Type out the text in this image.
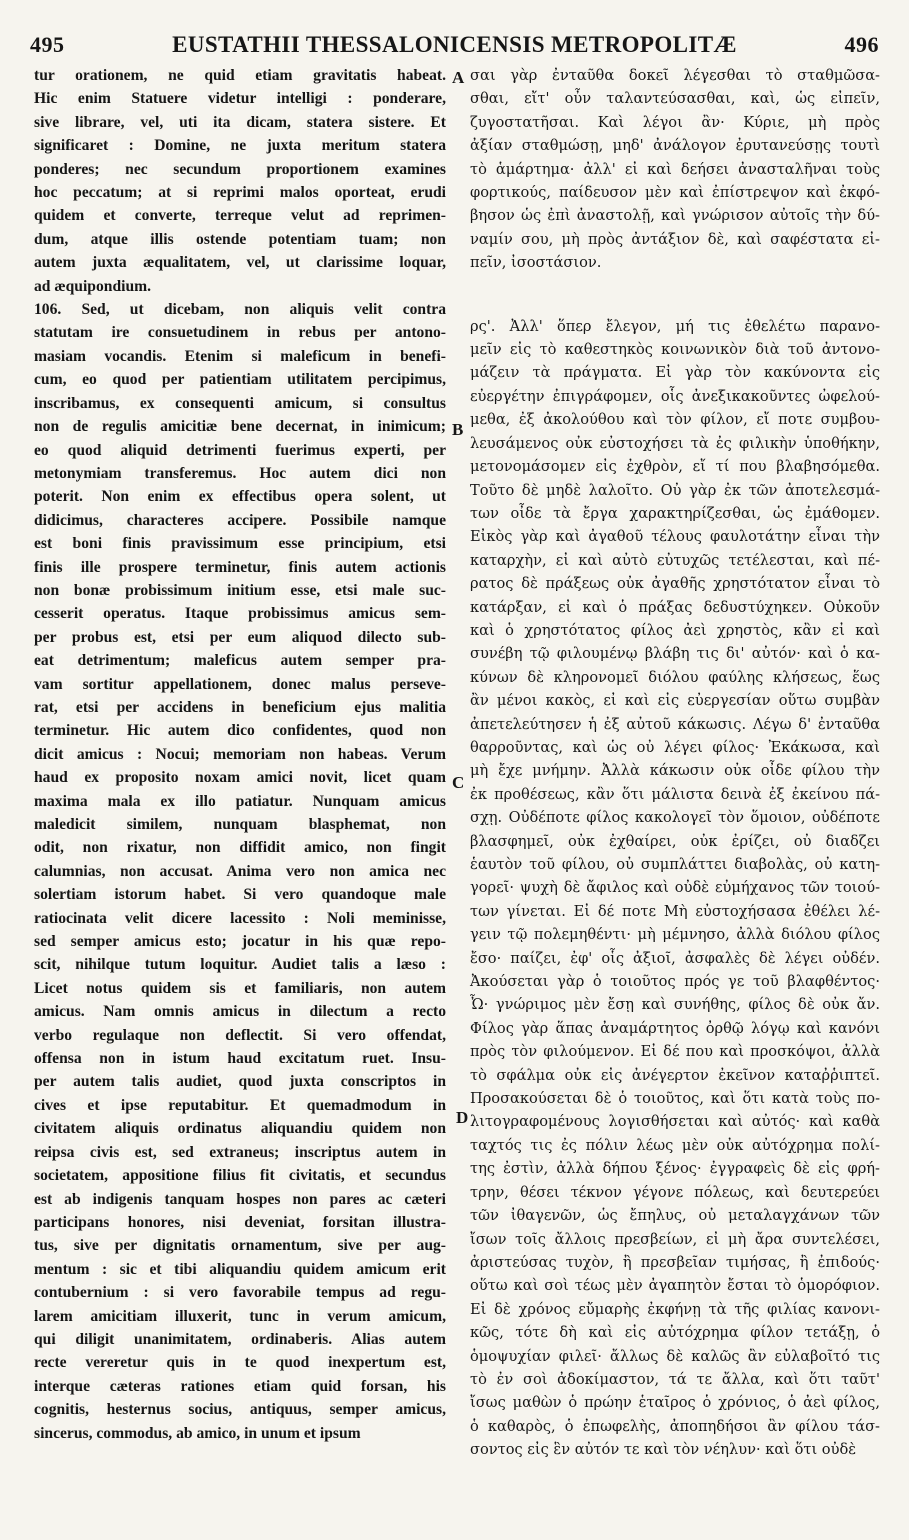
495	EUSTATHII THESSALONICENSIS METROPOLITÆ	496
tur orationem, ne quid etiam gravitatis habeat.
Hic enim Statuere videtur intelligi : ponderare,
sive librare, vel, uti ita dicam, statera sistere. Et
significaret : Domine, ne juxta meritum statera
ponderes; nec secundum proportionem examines
hoc peccatum; at si reprimi malos oporteat, erudi
quidem et converte, terreque velut ad reprimen-
dum, atque illis ostende potentiam tuam; non
autem juxta æqualitatem, vel, ut clarissime loquar,
ad æquipondium.
106. Sed, ut dicebam, non aliquis velit contra
statutam ire consuetudinem in rebus per antono-
masiam vocandis. Etenim si maleficum in benefi-
cum, eo quod per patientiam utilitatem percipimus,
inscribamus, ex consequenti amicum, si consultus
non de regulis amicitiæ bene decernat, in inimicum;
eo quod aliquid detrimenti fuerimus experti, per
metonymiam transferemus. Hoc autem dici non
poterit. Non enim ex effectibus opera solent, ut
didicimus, characteres accipere. Possibile namque
est boni finis pravissimum esse principium, etsi
finis ille prospere terminetur, finis autem actionis
non bonæ probissimum initium esse, etsi male suc-
cesserit operatus. Itaque probissimus amicus sem-
per probus est, etsi per eum aliquod dilecto sub-
eat detrimentum; maleficus autem semper pra-
vam sortitur appellationem, donec malus perseve-
rat, etsi per accidens in beneficium ejus malitia
terminetur. Hic autem dico confidentes, quod non
dicit amicus : Nocui; memoriam non habeas. Verum
haud ex proposito noxam amici novit, licet quam
maxima mala ex illo patiatur. Nunquam amicus
maledicit similem, nunquam blasphemat, non
odit, non rixatur, non diffidit amico, non fingit
calumnias, non accusat. Anima vero non amica nec
solertiam istorum habet. Si vero quandoque male
ratiocinata velit dicere lacessito : Noli meminisse,
sed semper amicus esto; jocatur in his quæ repo-
scit, nihilque tutum loquitur. Audiet talis a læso :
Licet notus quidem sis et familiaris, non autem
amicus. Nam omnis amicus in dilectum a recto
verbo regulaque non deflectit. Si vero offendat,
offensa non in istum haud excitatum ruet. Insu-
per autem talis audiet, quod juxta conscriptos in
cives et ipse reputabitur. Et quemadmodum in
civitatem aliquis ordinatus aliquandiu quidem non
reipsa civis est, sed extraneus; inscriptus autem in
societatem, appositione filius fit civitatis, et secundus
est ab indigenis tanquam hospes non pares ac cæteri
participans honores, nisi deveniat, forsitan illustra-
tus, sive per dignitatis ornamentum, sive per aug-
mentum : sic et tibi aliquandiu quidem amicum erit
contubernium : si vero favorabile tempus ad regu-
larem amicitiam illuxerit, tunc in verum amicum,
qui diligit unanimitatem, ordinaberis. Alias autem
recte vereretur quis in te quod inexpertum est,
interque cæteras rationes etiam quid forsan, his
cognitis, hesternus socius, antiquus, semper amicus,
sincerus, commodus, ab amico, in unum et ipsum
σαι γὰρ ἐνταῦθα δοκεῖ λέγεσθαι τὸ σταθμῶσα-
σθαι, εἴτ' οὖν ταλαντεύσασθαι, καὶ, ὡς εἰπεῖν,
ζυγοστατῆσαι. Καὶ λέγοι ἂν· Κύριε, μὴ πρὸς
ἀξίαν σταθμώσῃ, μηδ' ἀνάλογον ἐρυτανεύσῃς τουτὶ
τὸ ἁμάρτημα· ἀλλ' εἰ καὶ δεήσει ἀνασταλῆναι τοὺς
φορτικούς, παίδευσον μὲν καὶ ἐπίστρεψον καὶ ἐκφό-
βησον ὡς ἐπὶ ἀναστολῇ, καὶ γνώρισον αὐτοῖς τὴν δύ-
ναμίν σου, μὴ πρὸς ἀντάξιον δὲ, καὶ σαφέστατα εἰ-
πεῖν, ἰσοστάσιον.
ρς'. Ἀλλ' ὅπερ ἔλεγον, μή τις ἐθελέτω παρανο-
μεῖν εἰς τὸ καθεστηκὸς κοινωνικὸν διὰ τοῦ ἀντονο-
μάζειν τὰ πράγματα. Εἰ γὰρ τὸν κακύνοντα εἰς
εὐεργέτην ἐπιγράφομεν, οἷς ἀνεξικακοῦντες ὠφελού-
μεθα, ἐξ ἀκολούθου καὶ τὸν φίλον, εἴ ποτε συμβου-
λευσάμενος οὐκ εὐστοχήσει τὰ ἐς φιλικὴν ὑποθήκην,
μετονομάσομεν εἰς ἐχθρὸν, εἴ τί που βλαβησόμεθα.
Τοῦτο δὲ μηδὲ λαλοῖτο. Οὐ γὰρ ἐκ τῶν ἀποτελεσμά-
των οἶδε τὰ ἔργα χαρακτηρίζεσθαι, ὡς ἐμάθομεν.
Εἰκὸς γὰρ καὶ ἀγαθοῦ τέλους φαυλοτάτην εἶναι τὴν
καταρχὴν, εἰ καὶ αὐτὸ εὐτυχῶς τετέλεσται, καὶ πέ-
ρατος δὲ πράξεως οὐκ ἀγαθῆς χρηστότατον εἶναι τὸ
κατάρξαν, εἰ καὶ ὁ πράξας δεδυστύχηκεν. Οὐκοῦν
καὶ ὁ χρηστότατος φίλος ἀεὶ χρηστὸς, κἂν εἰ καὶ
συνέβη τῷ φιλουμένῳ βλάβη τις δι' αὐτόν· καὶ ὁ κα-
κύνων δὲ κληρονομεῖ διόλου φαύλης κλήσεως, ἕως
ἂν μένοι κακὸς, εἰ καὶ εἰς εὐεργεσίαν οὕτω συμβὰν
ἀπετελεύτησεν ἡ ἐξ αὐτοῦ κάκωσις. Λέγω δ' ἐνταῦθα
θαρροῦντας, καὶ ὡς οὐ λέγει φίλος· Ἐκάκωσα, καὶ
μὴ ἔχε μνήμην. Ἀλλὰ κάκωσιν οὐκ οἶδε φίλου τὴν
ἐκ προθέσεως, κἂν ὅτι μάλιστα δεινὰ ἐξ ἐκείνου πά-
σχῃ. Οὐδέποτε φίλος κακολογεῖ τὸν ὅμοιον, οὐδέποτε
βλασφημεῖ, οὐκ ἐχθαίρει, οὐκ ἐρίζει, οὐ διαδζει
ἑαυτὸν τοῦ φίλου, οὐ συμπλάττει διαβολὰς, οὐ κατη-
γορεῖ· ψυχὴ δὲ ἄφιλος καὶ οὐδὲ εὐμήχανος τῶν τοιού-
των γίνεται. Εἰ δέ ποτε Μὴ εὐστοχήσασα ἐθέλει λέ-
γειν τῷ πολεμηθέντι· μὴ μέμνησο, ἀλλὰ διόλου φίλος
ἔσο· παίζει, ἐφ' οἷς ἀξιοῖ, ἀσφαλὲς δὲ λέγει οὐδέν.
Ἀκούσεται γὰρ ὁ τοιοῦτος πρός γε τοῦ βλαφθέντος·
Ὦ· γνώριμος μὲν ἔσῃ καὶ συνήθης, φίλος δὲ οὐκ ἄν.
Φίλος γὰρ ἅπας ἀναμάρτητος ὀρθῷ λόγῳ καὶ κανόνι
πρὸς τὸν φιλούμενον. Εἰ δέ που καὶ προσκόψοι, ἀλλὰ
τὸ σφάλμα οὐκ εἰς ἀνέγερτον ἐκεῖνον καταῤῥιπτεῖ.
Προσακούσεται δὲ ὁ τοιοῦτος, καὶ ὅτι κατὰ τοὺς πο-
λιτογραφομένους λογισθήσεται καὶ αὐτός· καὶ καθὰ
ταχτός τις ἐς πόλιν λέως μὲν οὐκ αὐτόχρημα πολί-
της ἐστὶν, ἀλλὰ δήπου ξένος· ἐγγραφεὶς δὲ εἰς φρή-
τρην, θέσει τέκνον γέγονε πόλεως, καὶ δευτερεύει
τῶν ἰθαγενῶν, ὡς ἔπηλυς, οὐ μεταλαγχάνων τῶν
ἴσων τοῖς ἄλλοις πρεσβείων, εἰ μὴ ἄρα συντελέσει,
ἀριστεύσας τυχὸν, ἢ πρεσβεῖαν τιμήσας, ἢ ἐπιδούς·
οὕτω καὶ σοὶ τέως μὲν ἀγαπητὸν ἔσται τὸ ὁμορόφιον.
Εἰ δὲ χρόνος εὔμαρὴς ἐκφήνῃ τὰ τῆς φιλίας κανονι-
κῶς, τότε δὴ καὶ εἰς αὐτόχρημα φίλον τετάξῃ, ὁ
ὁμοψυχίαν φιλεῖ· ἄλλως δὲ καλῶς ἂν εὐλαβοῖτό τις
τὸ ἐν σοὶ ἀδοκίμαστον, τά τε ἄλλα, καὶ ὅτι ταῦτ'
ἴσως μαθὼν ὁ πρώην ἑταῖρος ὁ χρόνιος, ὁ ἀεὶ φίλος,
ὁ καθαρὸς, ὁ ἐπωφελὴς, ἀποπηδήσοι ἂν φίλου τάσ-
σοντος εἰς ἓν αὐτόν τε καὶ τὸν νέηλυν· καὶ ὅτι οὐδὲ
A
B
C
D
